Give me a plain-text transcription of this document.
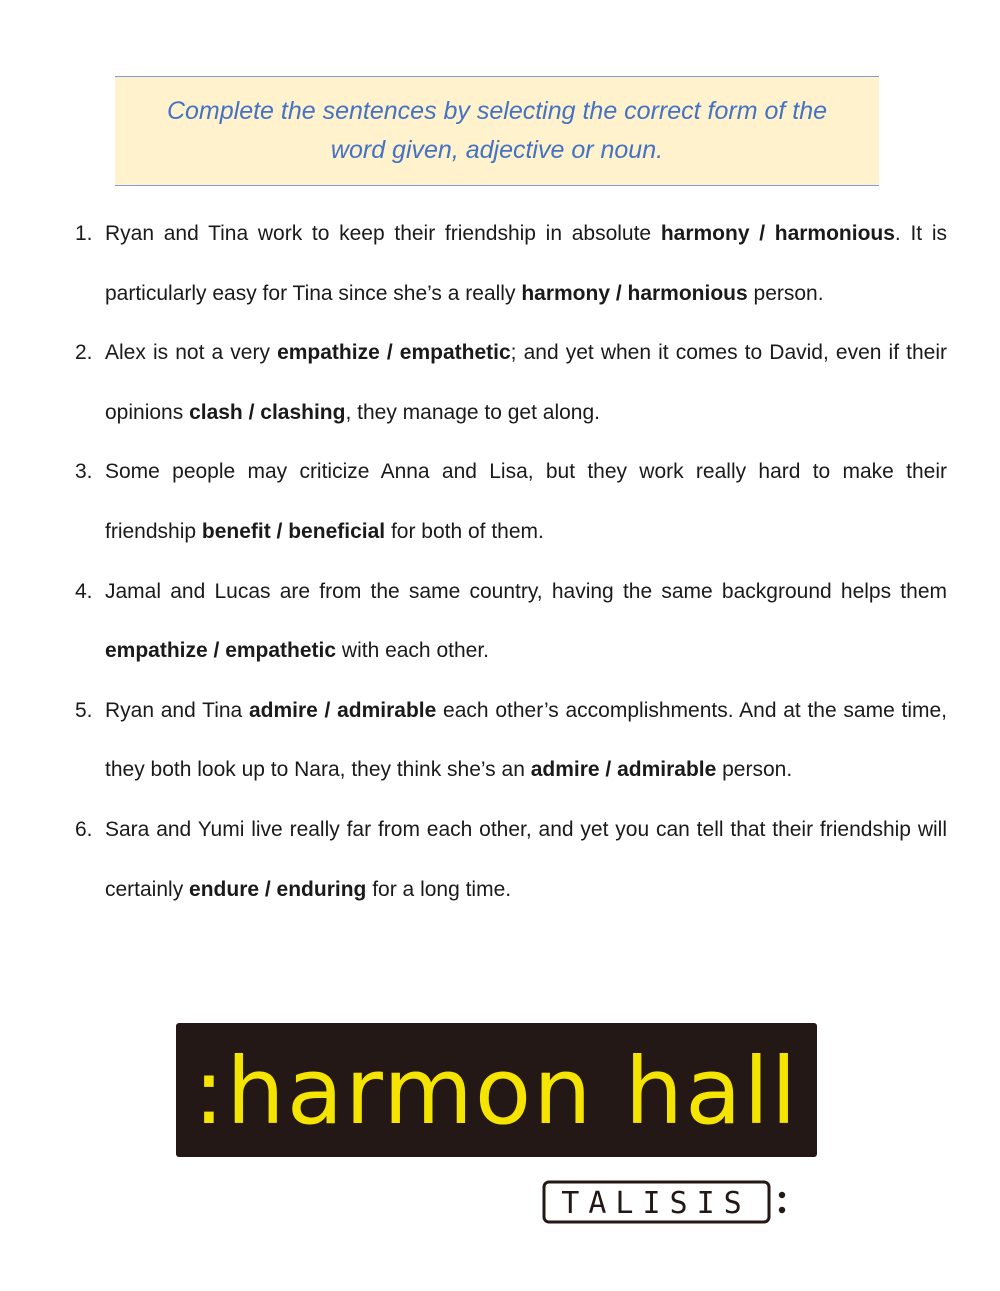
Complete the sentences by selecting the correct form of the word given, adjective or noun.
1. Ryan and Tina work to keep their friendship in absolute harmony / harmonious. It is particularly easy for Tina since she’s a really harmony / harmonious person.
2. Alex is not a very empathize / empathetic; and yet when it comes to David, even if their opinions clash / clashing, they manage to get along.
3. Some people may criticize Anna and Lisa, but they work really hard to make their friendship benefit / beneficial for both of them.
4. Jamal and Lucas are from the same country, having the same background helps them empathize / empathetic with each other.
5. Ryan and Tina admire / admirable each other’s accomplishments. And at the same time, they both look up to Nara, they think she’s an admire / admirable person.
6. Sara and Yumi live really far from each other, and yet you can tell that their friendship will certainly endure / enduring for a long time.
:harmon hall
TALISIS
